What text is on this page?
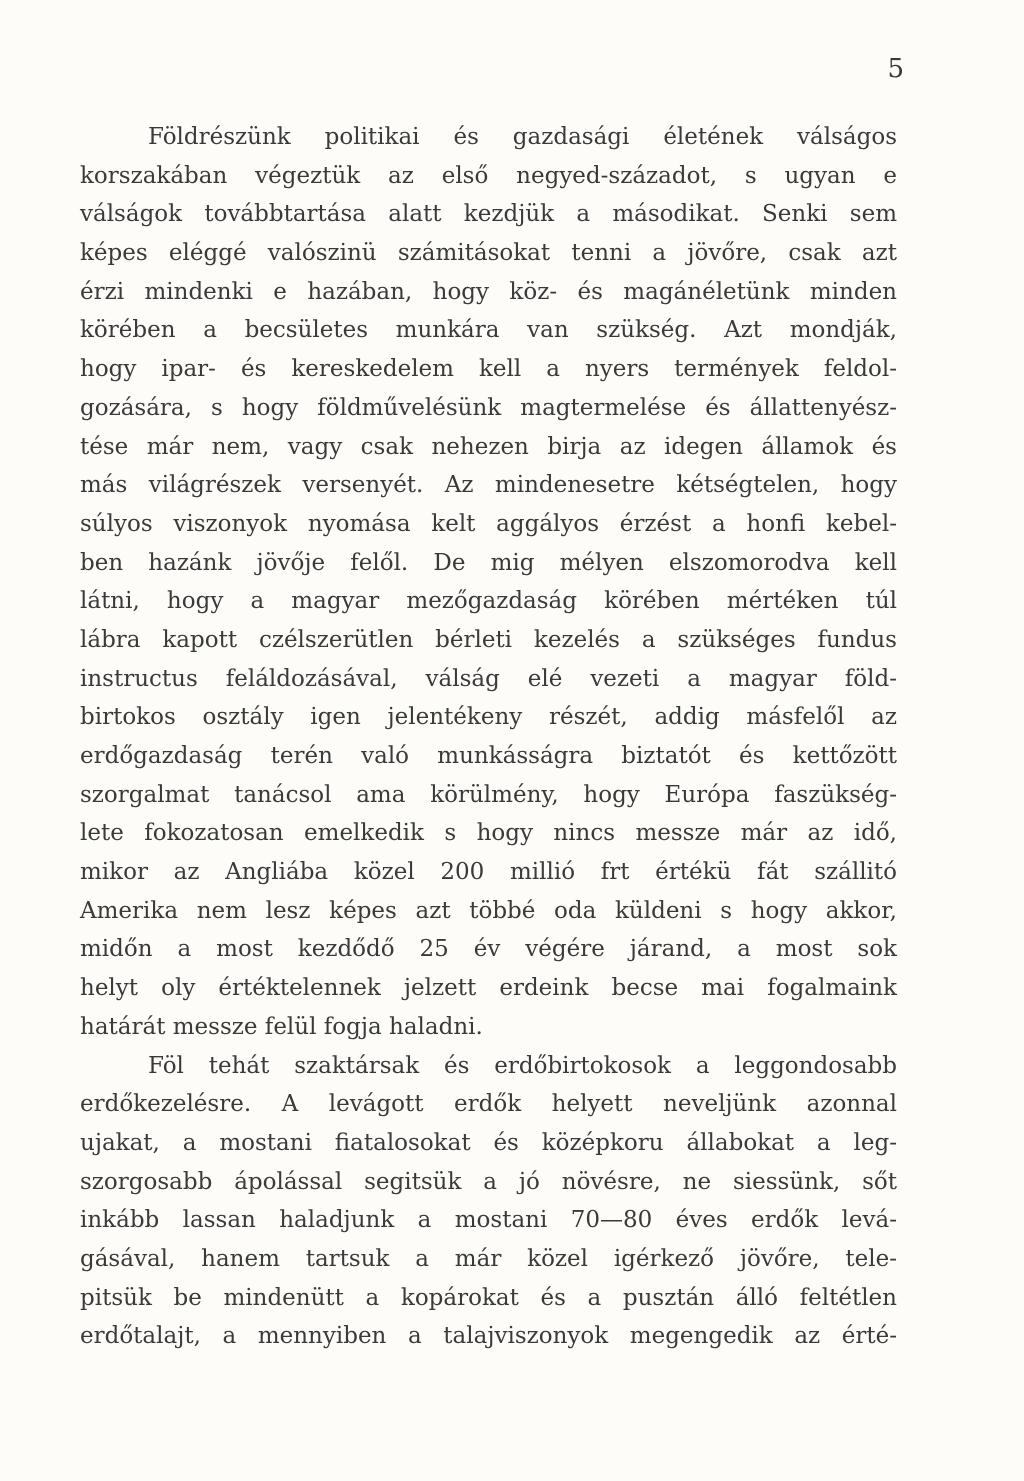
5
Földrészünk politikai és gazdasági életének válságos
korszakában végeztük az első negyed-századot, s ugyan e
válságok továbbtartása alatt kezdjük a másodikat. Senki sem
képes eléggé valószinü számitásokat tenni a jövőre, csak azt
érzi mindenki e hazában, hogy köz- és magánéletünk minden
körében a becsületes munkára van szükség. Azt mondják,
hogy ipar- és kereskedelem kell a nyers termények feldol-
gozására, s hogy földművelésünk magtermelése és állattenyész-
tése már nem, vagy csak nehezen birja az idegen államok és
más világrészek versenyét. Az mindenesetre kétségtelen, hogy
súlyos viszonyok nyomása kelt aggályos érzést a honfi kebel-
ben hazánk jövője felől. De mig mélyen elszomorodva kell
látni, hogy a magyar mezőgazdaság körében mértéken túl
lábra kapott czélszerütlen bérleti kezelés a szükséges fundus
instructus feláldozásával, válság elé vezeti a magyar föld-
birtokos osztály igen jelentékeny részét, addig másfelől az
erdőgazdaság terén való munkásságra biztatót és kettőzött
szorgalmat tanácsol ama körülmény, hogy Európa faszükség-
lete fokozatosan emelkedik s hogy nincs messze már az idő,
mikor az Angliába közel 200 millió frt értékü fát szállitó
Amerika nem lesz képes azt többé oda küldeni s hogy akkor,
midőn a most kezdődő 25 év végére járand, a most sok
helyt oly értéktelennek jelzett erdeink becse mai fogalmaink
határát messze felül fogja haladni.
Föl tehát szaktársak és erdőbirtokosok a leggondosabb
erdőkezelésre. A levágott erdők helyett neveljünk azonnal
ujakat, a mostani fiatalosokat és középkoru állabokat a leg-
szorgosabb ápolással segitsük a jó növésre, ne siessünk, sőt
inkább lassan haladjunk a mostani 70—80 éves erdők levá-
gásával, hanem tartsuk a már közel igérkező jövőre, tele-
pitsük be mindenütt a kopárokat és a pusztán álló feltétlen
erdőtalajt, a mennyiben a talajviszonyok megengedik az érté-
